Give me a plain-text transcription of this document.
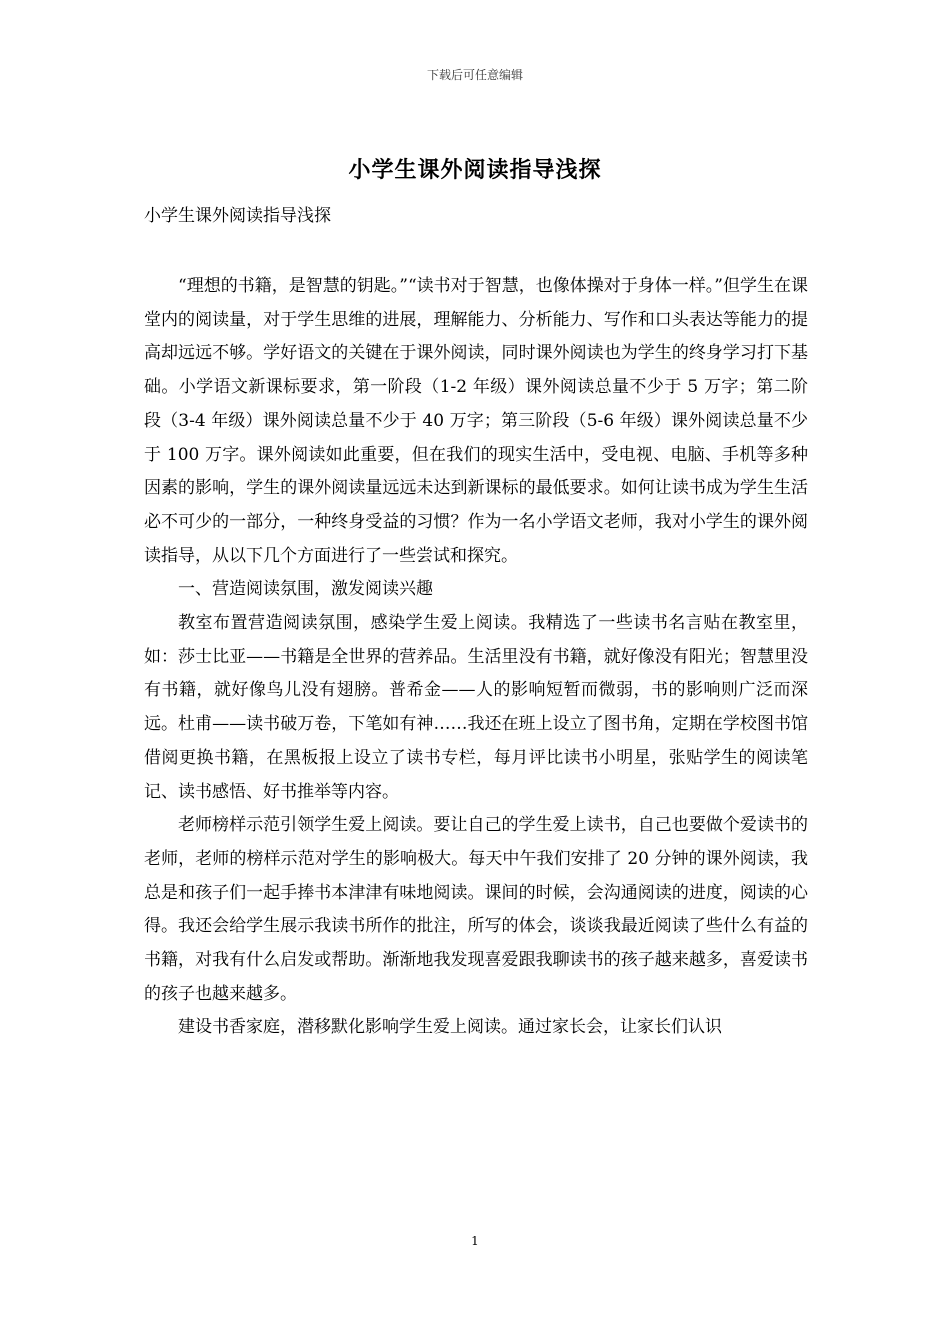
下载后可任意编辑
小学生课外阅读指导浅探
小学生课外阅读指导浅探

“理想的书籍，是智慧的钥匙。”“读书对于智慧，也像体操对于身体一样。”但学生在课堂内的阅读量，对于学生思维的进展，理解能力、分析能力、写作和口头表达等能力的提高却远远不够。学好语文的关键在于课外阅读，同时课外阅读也为学生的终身学习打下基础。小学语文新课标要求，第一阶段（1-2 年级）课外阅读总量不少于 5 万字；第二阶段（3-4 年级）课外阅读总量不少于 40 万字；第三阶段（5-6 年级）课外阅读总量不少于 100 万字。课外阅读如此重要，但在我们的现实生活中，受电视、电脑、手机等多种因素的影响，学生的课外阅读量远远未达到新课标的最低要求。如何让读书成为学生生活必不可少的一部分，一种终身受益的习惯？作为一名小学语文老师，我对小学生的课外阅读指导，从以下几个方面进行了一些尝试和探究。

一、营造阅读氛围，激发阅读兴趣

教室布置营造阅读氛围，感染学生爱上阅读。我精选了一些读书名言贴在教室里，如：莎士比亚——书籍是全世界的营养品。生活里没有书籍，就好像没有阳光；智慧里没有书籍，就好像鸟儿没有翅膀。普希金——人的影响短暂而微弱，书的影响则广泛而深远。杜甫——读书破万卷，下笔如有神……我还在班上设立了图书角，定期在学校图书馆借阅更换书籍，在黑板报上设立了读书专栏，每月评比读书小明星，张贴学生的阅读笔记、读书感悟、好书推举等内容。

老师榜样示范引领学生爱上阅读。要让自己的学生爱上读书，自己也要做个爱读书的老师，老师的榜样示范对学生的影响极大。每天中午我们安排了 20 分钟的课外阅读，我总是和孩子们一起手捧书本津津有味地阅读。课间的时候，会沟通阅读的进度，阅读的心得。我还会给学生展示我读书所作的批注，所写的体会，谈谈我最近阅读了些什么有益的书籍，对我有什么启发或帮助。渐渐地我发现喜爱跟我聊读书的孩子越来越多，喜爱读书的孩子也越来越多。

建设书香家庭，潜移默化影响学生爱上阅读。通过家长会，让家长们认识

1
